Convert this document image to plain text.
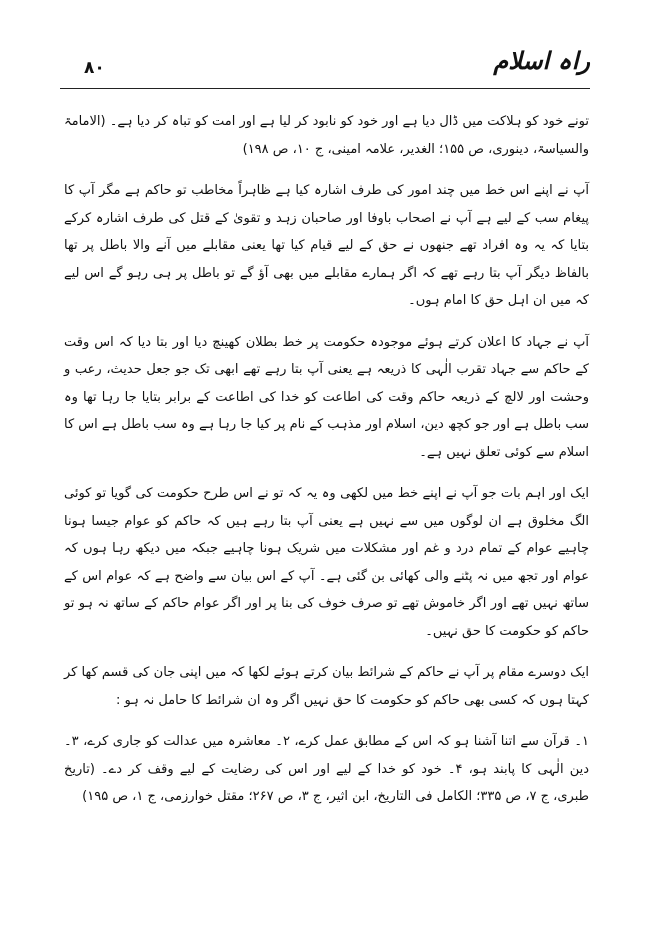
۸۰	راہ اسلام

تونے خود کو ہلاکت میں ڈال دیا ہے اور خود کو نابود کر لیا ہے اور امت کو تباہ کر دیا ہے۔ (الامامۃ والسیاسۃ، دینوری، ص ۱۵۵؛ الغدیر، علامہ امینی، ج ۱۰، ص ۱۹۸)

آپ نے اپنے اس خط میں چند امور کی طرف اشارہ کیا ہے ظاہراً مخاطب تو حاکم ہے مگر آپ کا پیغام سب کے لیے ہے آپ نے اصحاب باوفا اور صاحبان زہد و تقویٰ کے قتل کی طرف اشارہ کرکے بتایا کہ یہ وہ افراد تھے جنھوں نے حق کے لیے قیام کیا تھا یعنی مقابلے میں آنے والا باطل پر تھا بالفاظ دیگر آپ بتا رہے تھے کہ اگر ہمارے مقابلے میں بھی آؤ گے تو باطل پر ہی رہو گے اس لیے کہ میں ان اہل حق کا امام ہوں۔

آپ نے جہاد کا اعلان کرتے ہوئے موجودہ حکومت پر خط بطلان کھینچ دیا اور بتا دیا کہ اس وقت کے حاکم سے جہاد تقرب الٰہی کا ذریعہ ہے یعنی آپ بتا رہے تھے ابھی تک جو جعل حدیث، رعب و وحشت اور لالچ کے ذریعہ حاکم وقت کی اطاعت کو خدا کی اطاعت کے برابر بتایا جا رہا تھا وہ سب باطل ہے اور جو کچھ دین، اسلام اور مذہب کے نام پر کیا جا رہا ہے وہ سب باطل ہے اس کا اسلام سے کوئی تعلق نہیں ہے۔

ایک اور اہم بات جو آپ نے اپنے خط میں لکھی وہ یہ کہ تو نے اس طرح حکومت کی گویا تو کوئی الگ مخلوق ہے ان لوگوں میں سے نہیں ہے یعنی آپ بتا رہے ہیں کہ حاکم کو عوام جیسا ہونا چاہیے عوام کے تمام درد و غم اور مشکلات میں شریک ہونا چاہیے جبکہ میں دیکھ رہا ہوں کہ عوام اور تجھ میں نہ پٹنے والی کھائی بن گئی ہے۔ آپ کے اس بیان سے واضح ہے کہ عوام اس کے ساتھ نہیں تھے اور اگر خاموش تھے تو صرف خوف کی بنا پر اور اگر عوام حاکم کے ساتھ نہ ہو تو حاکم کو حکومت کا حق نہیں۔

ایک دوسرے مقام پر آپ نے حاکم کے شرائط بیان کرتے ہوئے لکھا کہ میں اپنی جان کی قسم کھا کر کہتا ہوں کہ کسی بھی حاکم کو حکومت کا حق نہیں اگر وہ ان شرائط کا حامل نہ ہو :

۱۔ قرآن سے اتنا آشنا ہو کہ اس کے مطابق عمل کرے، ۲۔ معاشرہ میں عدالت کو جاری کرے، ۳۔ دین الٰہی کا پابند ہو، ۴۔ خود کو خدا کے لیے اور اس کی رضایت کے لیے وقف کر دے۔ (تاریخ طبری، ج ۷، ص ۳۳۵؛ الکامل فی التاریخ، ابن اثیر، ج ۳، ص ۲۶۷؛ مقتل خوارزمی، ج ۱، ص ۱۹۵)
